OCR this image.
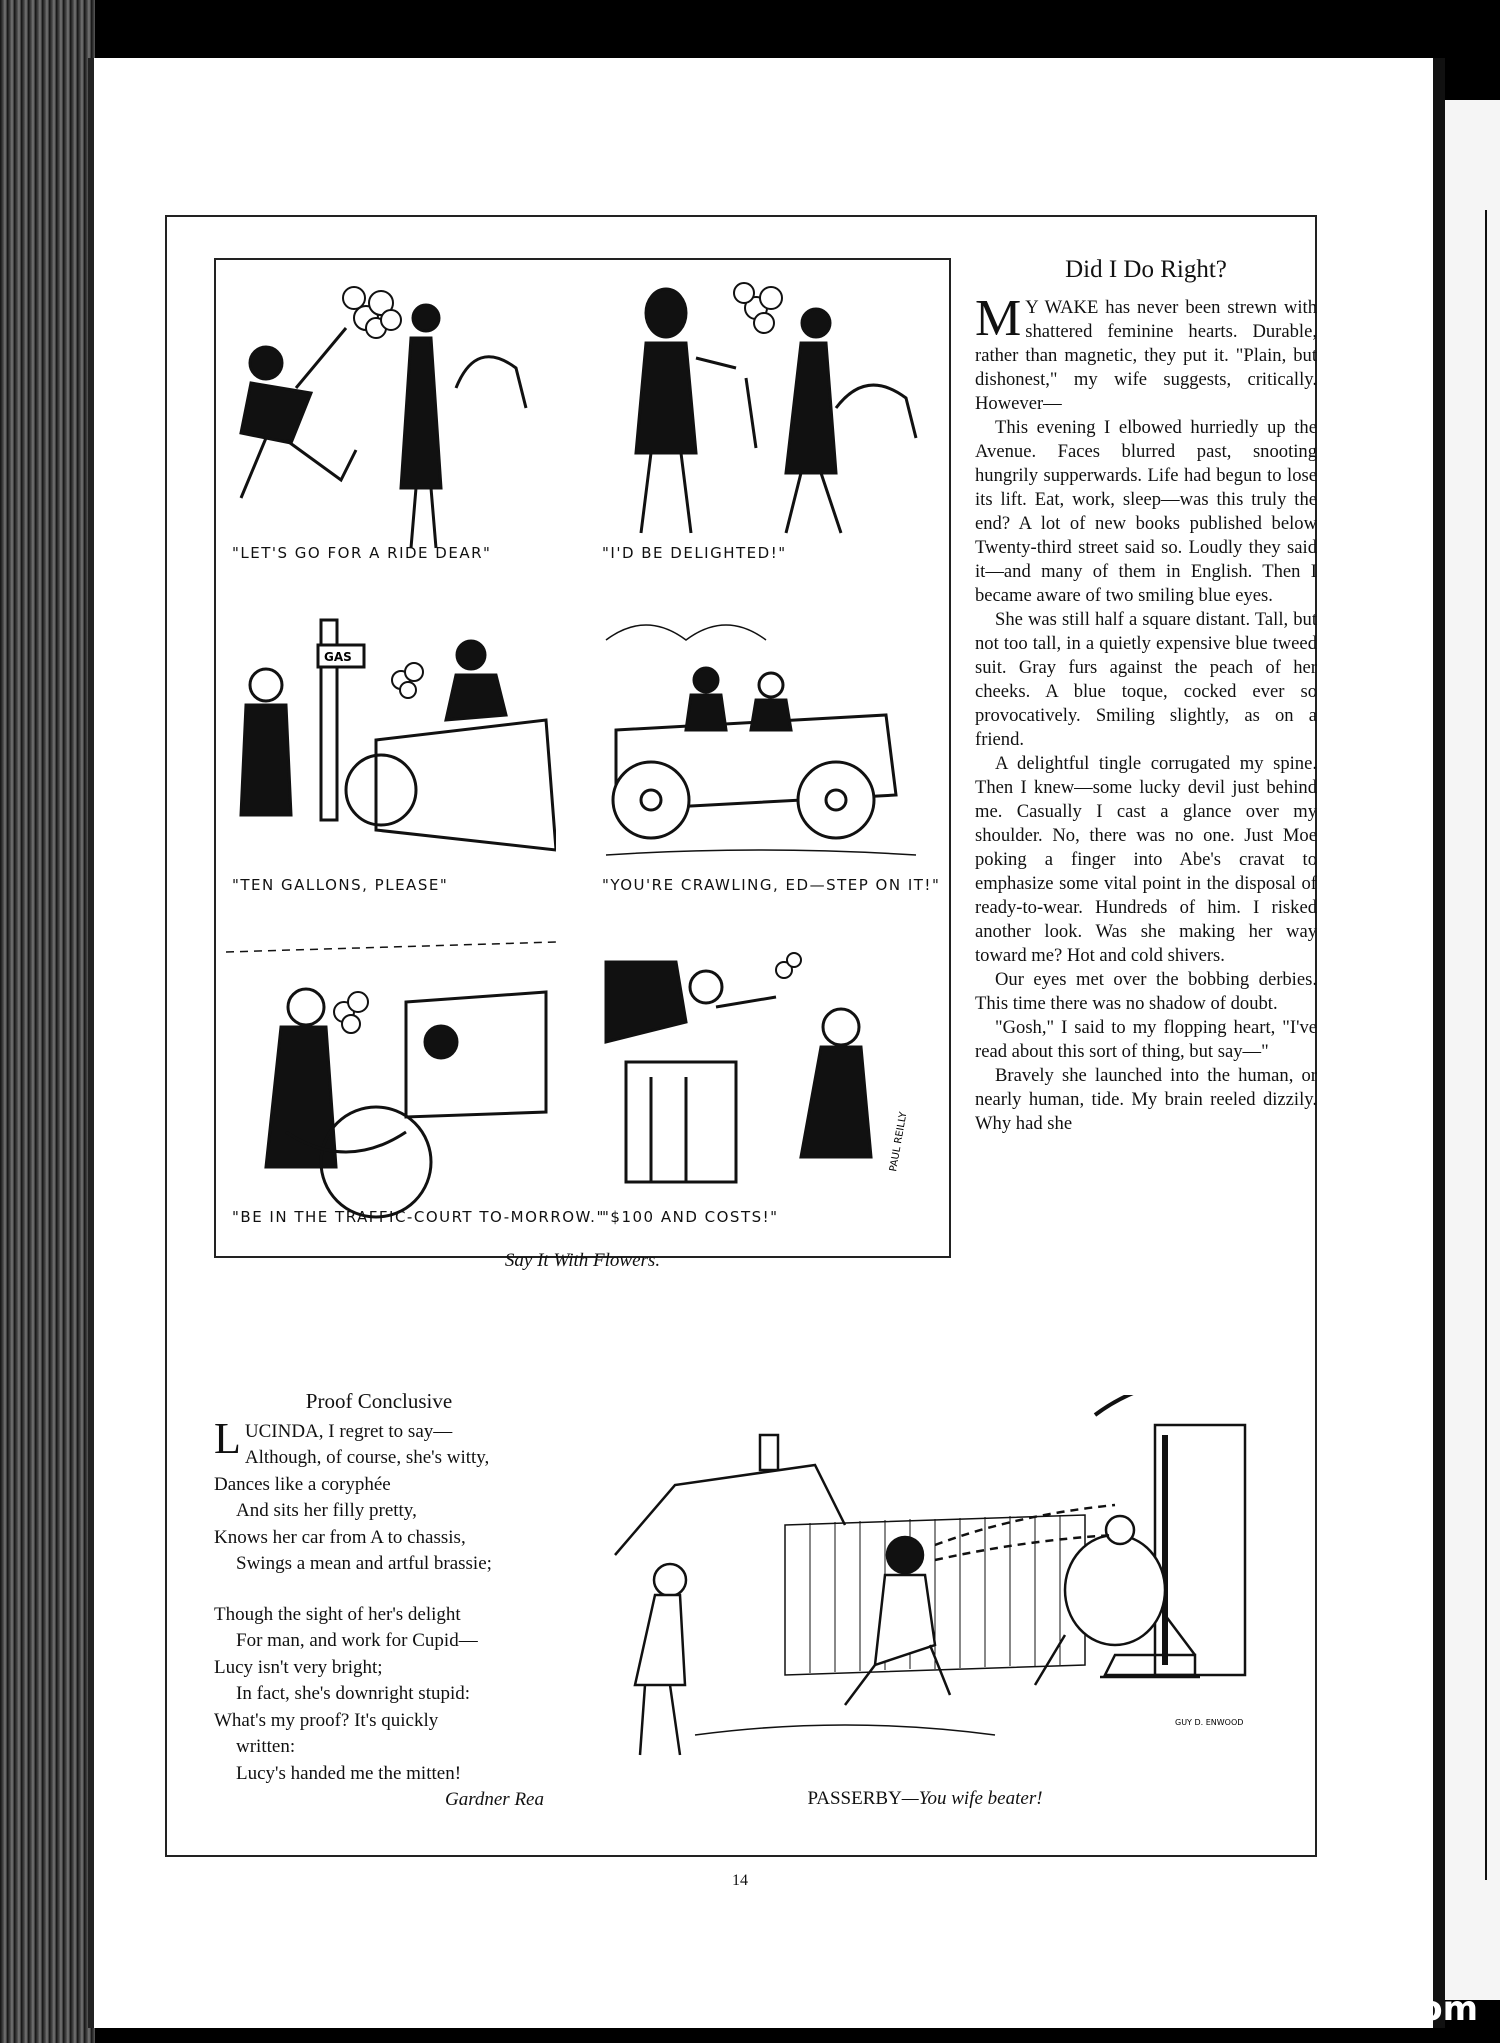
"LET'S GO FOR A RIDE DEAR"	"I'D BE DELIGHTED!"
GAS
"TEN GALLONS, PLEASE"	"YOU'RE CRAWLING, ED—STEP ON IT!"
"BE IN THE TRAFFIC-COURT TO-MORROW."
PAUL REILLY
"$100 AND COSTS!"
Say It With Flowers.
Did I Do Right?

M Y WAKE has never been strewn with shattered feminine hearts. Durable, rather than magnetic, they put it. "Plain, but dishonest," my wife suggests, critically. However—

This evening I elbowed hurriedly up the Avenue. Faces blurred past, snooting hungrily supperwards. Life had begun to lose its lift. Eat, work, sleep—was this truly the end? A lot of new books published below Twenty-third street said so. Loudly they said it—and many of them in English. Then I became aware of two smiling blue eyes.

She was still half a square distant. Tall, but not too tall, in a quietly expensive blue tweed suit. Gray furs against the peach of her cheeks. A blue toque, cocked ever so provocatively. Smiling slightly, as on a friend.

A delightful tingle corrugated my spine. Then I knew—some lucky devil just behind me. Casually I cast a glance over my shoulder. No, there was no one. Just Moe poking a finger into Abe's cravat to emphasize some vital point in the disposal of ready-to-wear. Hundreds of him. I risked another look. Was she making her way toward me? Hot and cold shivers.

Our eyes met over the bobbing derbies. This time there was no shadow of doubt.

"Gosh," I said to my flopping heart, "I've read about this sort of thing, but say—"

Bravely she launched into the human, or nearly human, tide. My brain reeled dizzily. Why had she

Proof Conclusive
LUCINDA, I regret to say—
Although, of course, she's witty,
Dances like a coryphée
And sits her filly pretty,
Knows her car from A to chassis,
Swings a mean and artful brassie;
Though the sight of her's delight
For man, and work for Cupid—
Lucy isn't very bright;
In fact, she's downright stupid:
What's my proof? It's quickly
written:
Lucy's handed me the mitten!
Gardner Rea
GUY D. ENWOOD
PASSERBY—You wife beater!
14
comicbooks.com
